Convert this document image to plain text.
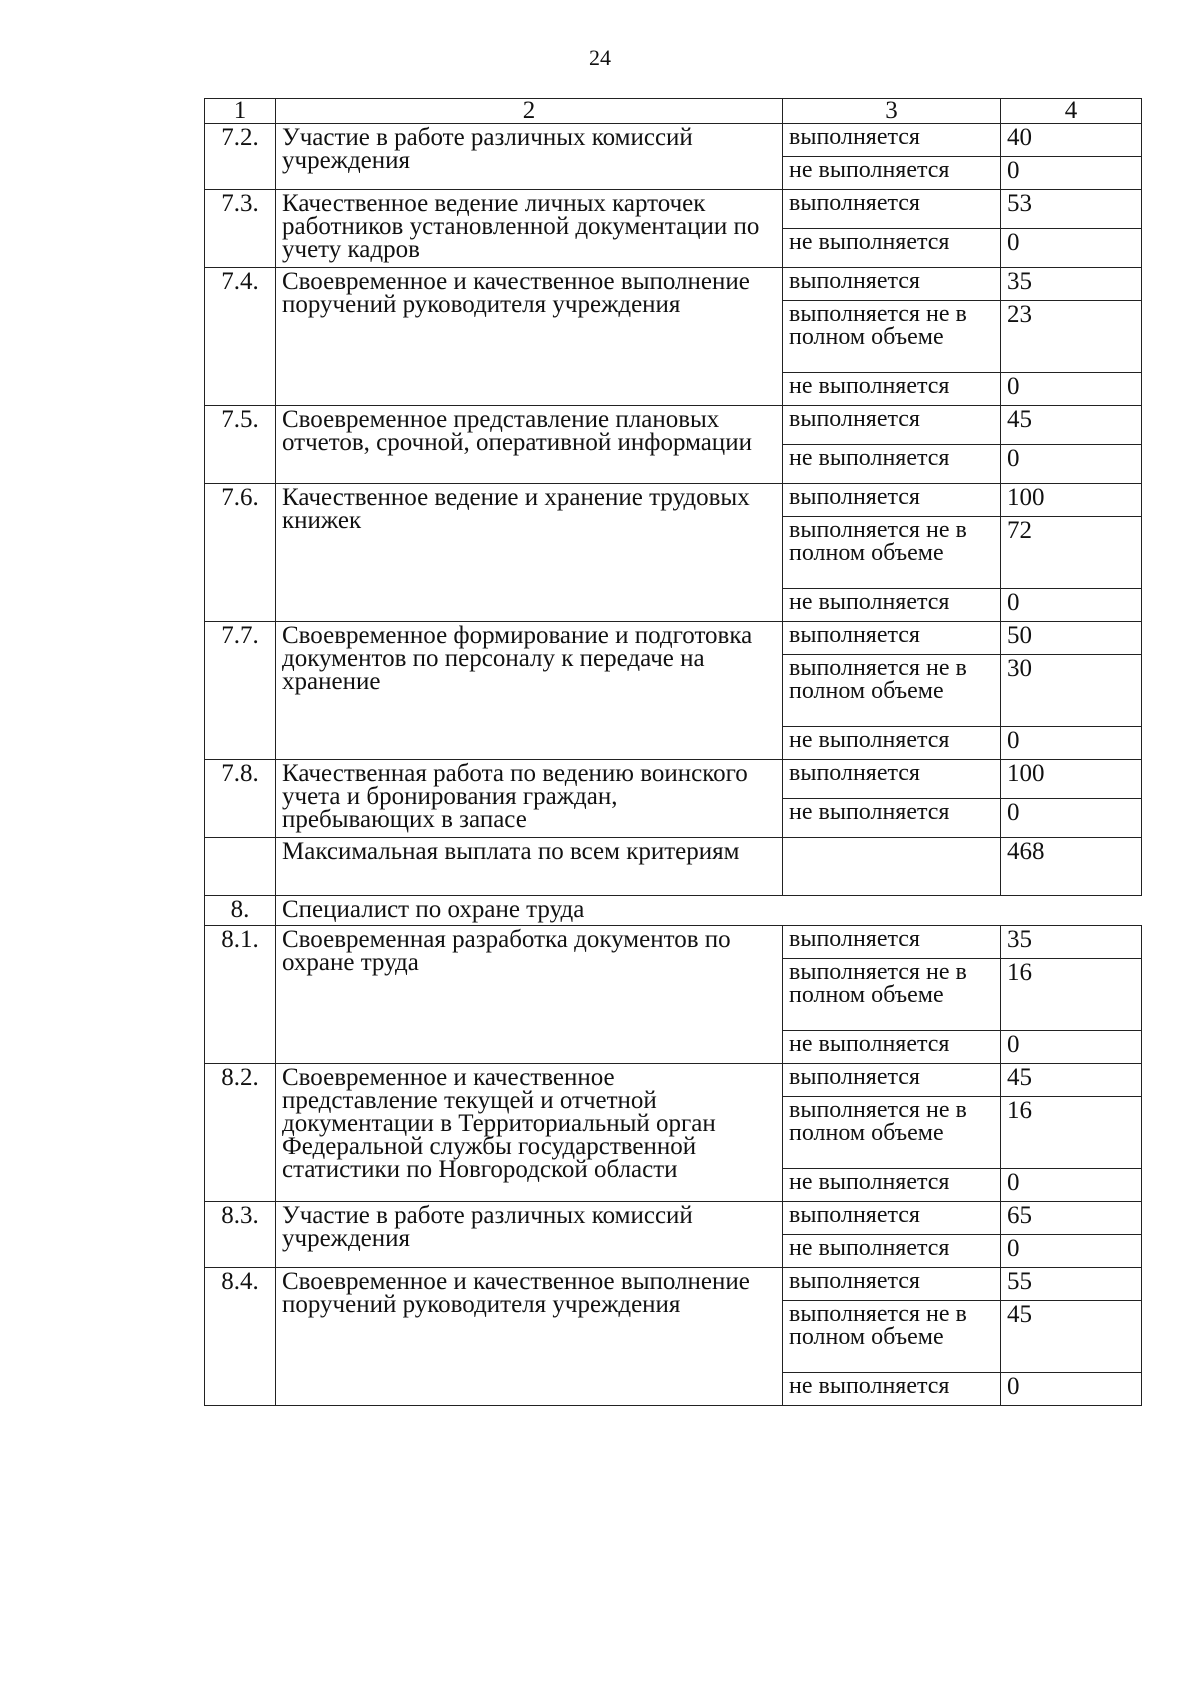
24
1	2	3	4
7.2.	Участие в работе различных комиссий учреждения	выполняется	40
		не выполняется	0
7.3.	Качественное ведение личных карточек работников установленной документации по учету кадров	выполняется	53
		не выполняется	0
7.4.	Своевременное и качественное выполнение поручений руководителя учреждения	выполняется	35
		выполняется не в полном объеме	23
		не выполняется	0
7.5.	Своевременное представление плановых отчетов, срочной, оперативной информации	выполняется	45
		не выполняется	0
7.6.	Качественное ведение и хранение трудовых книжек	выполняется	100
		выполняется не в полном объеме	72
		не выполняется	0
7.7.	Своевременное формирование и подготовка документов по персоналу к передаче на хранение	выполняется	50
		выполняется не в полном объеме	30
		не выполняется	0
7.8.	Качественная работа по ведению воинского учета и бронирования граждан, пребывающих в запасе	выполняется	100
		не выполняется	0
	Максимальная выплата по всем критериям		468
8.	Специалист по охране труда		
8.1.	Своевременная разработка документов по охране труда	выполняется	35
		выполняется не в полном объеме	16
		не выполняется	0
8.2.	Своевременное и качественное представление текущей и отчетной документации в Территориальный орган Федеральной службы государственной статистики по Новгородской области	выполняется	45
		выполняется не в полном объеме	16
		не выполняется	0
8.3.	Участие в работе различных комиссий учреждения	выполняется	65
		не выполняется	0
8.4.	Своевременное и качественное выполнение поручений руководителя учреждения	выполняется	55
		выполняется не в полном объеме	45
		не выполняется	0
